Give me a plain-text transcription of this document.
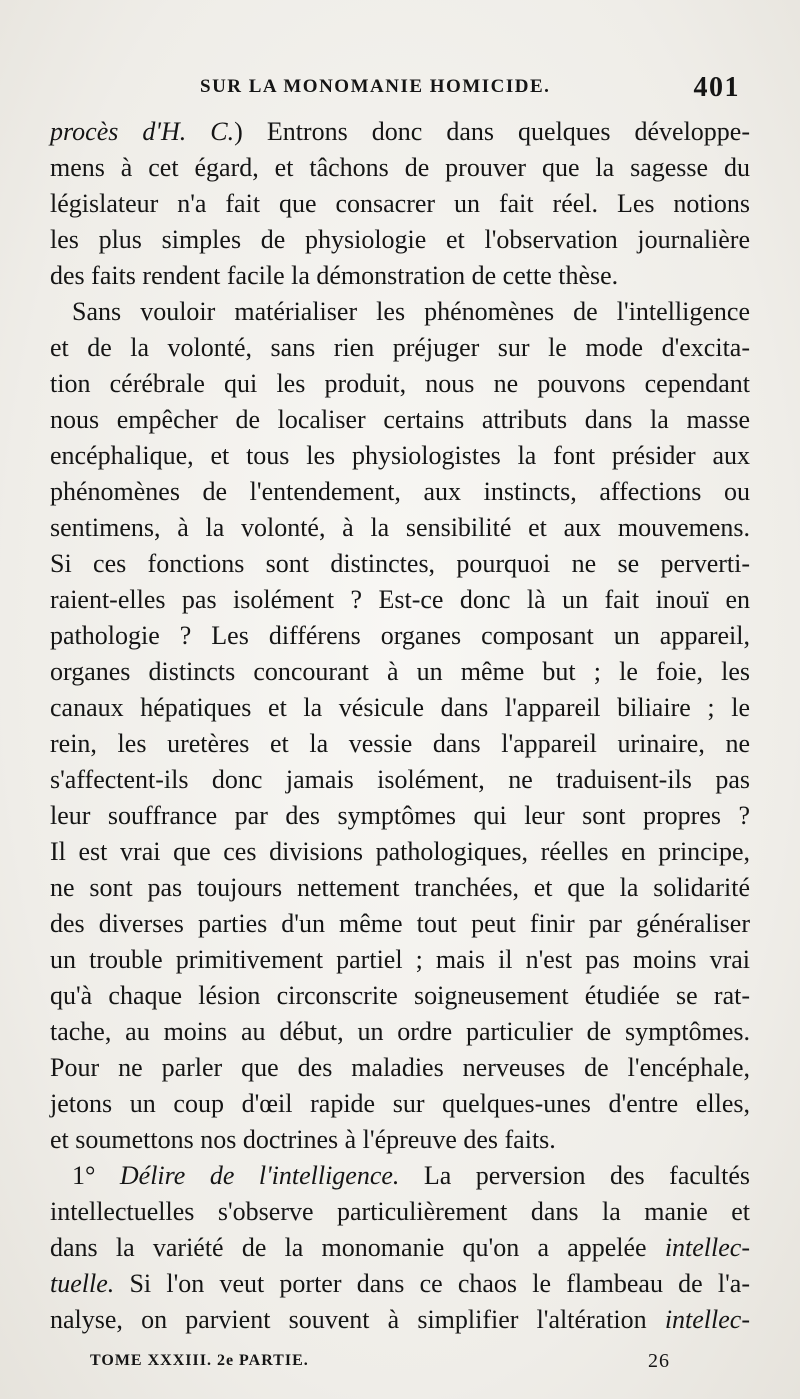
SUR LA MONOMANIE HOMICIDE.	401
procès d'H. C.) Entrons donc dans quelques développe-
mens à cet égard, et tâchons de prouver que la sagesse du
législateur n'a fait que consacrer un fait réel. Les notions
les plus simples de physiologie et l'observation journalière
des faits rendent facile la démonstration de cette thèse.
Sans vouloir matérialiser les phénomènes de l'intelligence
et de la volonté, sans rien préjuger sur le mode d'excita-
tion cérébrale qui les produit, nous ne pouvons cependant
nous empêcher de localiser certains attributs dans la masse
encéphalique, et tous les physiologistes la font présider aux
phénomènes de l'entendement, aux instincts, affections ou
sentimens, à la volonté, à la sensibilité et aux mouvemens.
Si ces fonctions sont distinctes, pourquoi ne se perverti-
raient-elles pas isolément ? Est-ce donc là un fait inouï en
pathologie ? Les différens organes composant un appareil,
organes distincts concourant à un même but ; le foie, les
canaux hépatiques et la vésicule dans l'appareil biliaire ; le
rein, les uretères et la vessie dans l'appareil urinaire, ne
s'affectent-ils donc jamais isolément, ne traduisent-ils pas
leur souffrance par des symptômes qui leur sont propres ?
Il est vrai que ces divisions pathologiques, réelles en principe,
ne sont pas toujours nettement tranchées, et que la solidarité
des diverses parties d'un même tout peut finir par généraliser
un trouble primitivement partiel ; mais il n'est pas moins vrai
qu'à chaque lésion circonscrite soigneusement étudiée se rat-
tache, au moins au début, un ordre particulier de symptômes.
Pour ne parler que des maladies nerveuses de l'encéphale,
jetons un coup d'œil rapide sur quelques-unes d'entre elles,
et soumettons nos doctrines à l'épreuve des faits.
1° Délire de l'intelligence. La perversion des facultés
intellectuelles s'observe particulièrement dans la manie et
dans la variété de la monomanie qu'on a appelée intellec-
tuelle. Si l'on veut porter dans ce chaos le flambeau de l'a-
nalyse, on parvient souvent à simplifier l'altération intellec-
TOME XXXIII. 2e PARTIE.	26
